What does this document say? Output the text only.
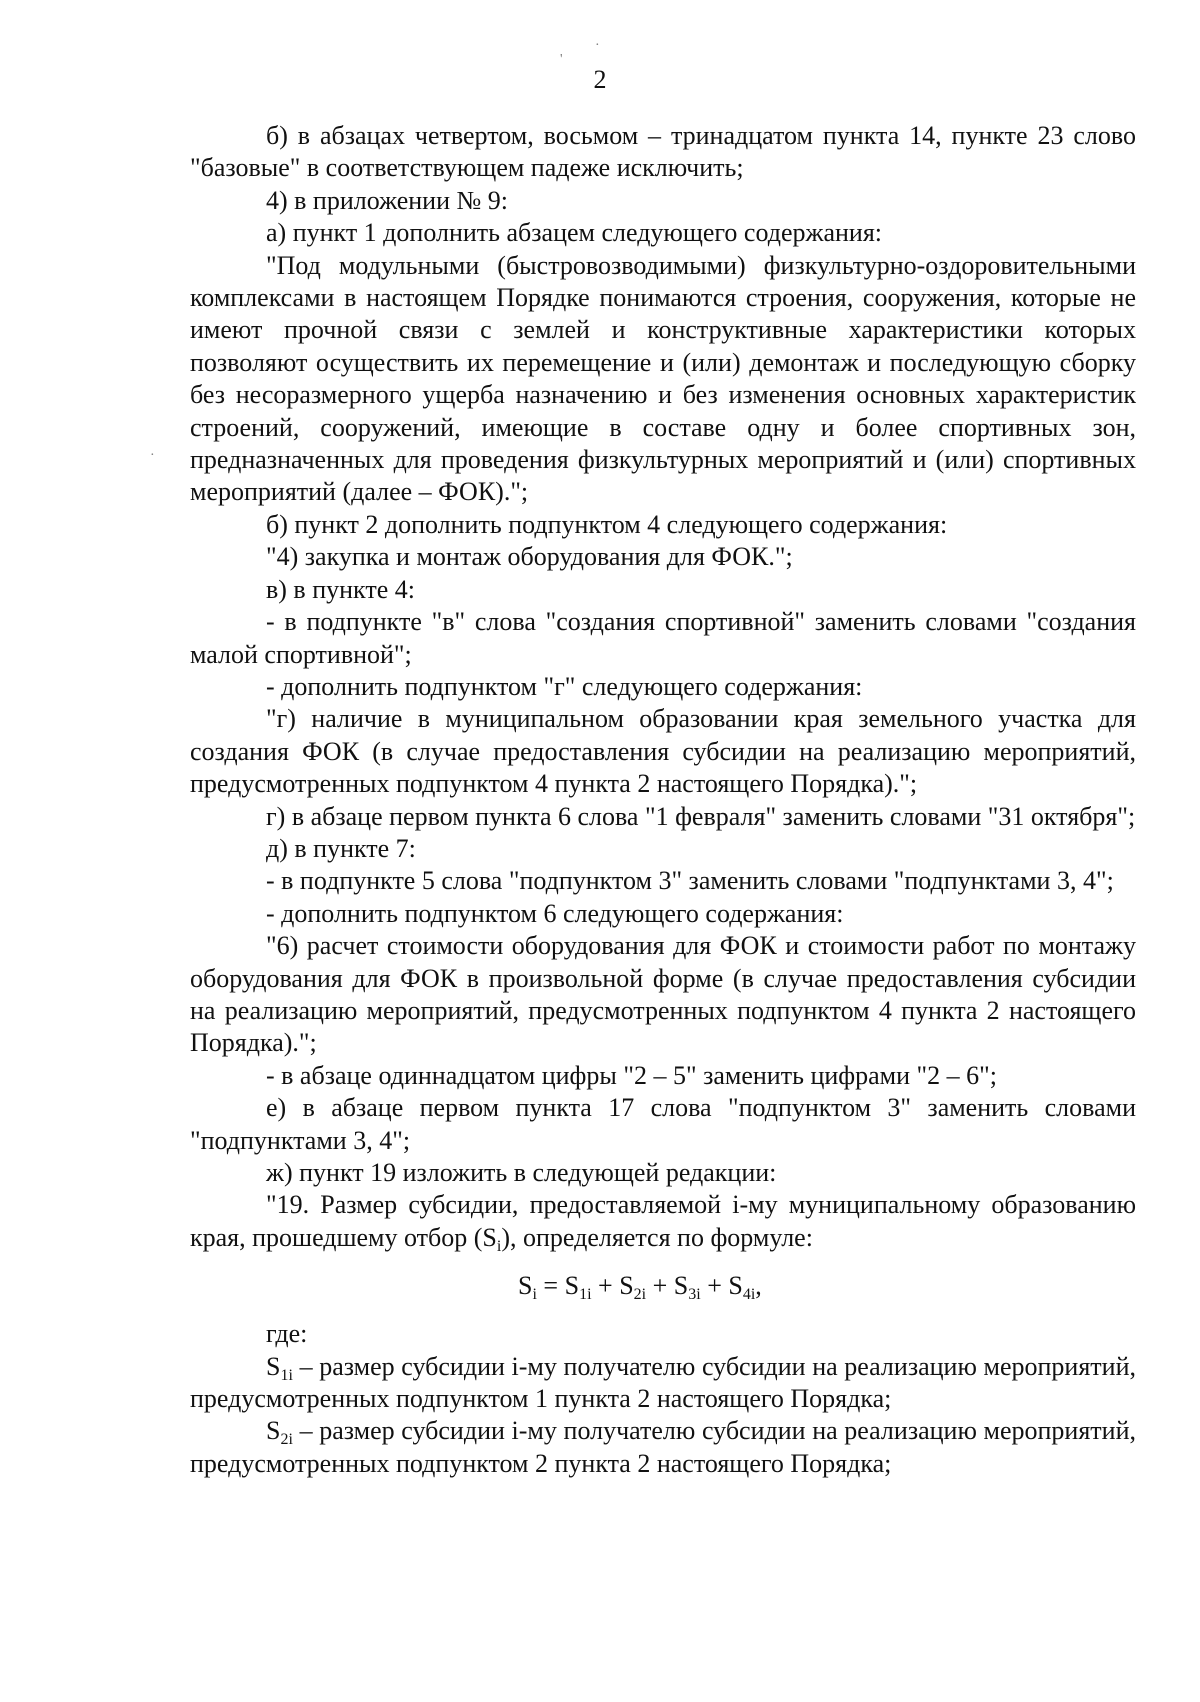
·
'
·
2

б) в абзацах четвертом, восьмом – тринадцатом пункта 14, пункте 23 слово "базовые" в соответствующем падеже исключить;

4) в приложении № 9:

а) пункт 1 дополнить абзацем следующего содержания:

"Под модульными (быстровозводимыми) физкультурно-оздоровительными комплексами в настоящем Порядке понимаются строения, сооружения, которые не имеют прочной связи с землей и конструктивные характеристики которых позволяют осуществить их перемещение и (или) демонтаж и последующую сборку без несоразмерного ущерба назначению и без изменения основных характеристик строений, сооружений, имеющие в составе одну и более спортивных зон, предназначенных для проведения физкультурных мероприятий и (или) спортивных мероприятий (далее – ФОК).";

б) пункт 2 дополнить подпунктом 4 следующего содержания:

"4) закупка и монтаж оборудования для ФОК.";

в) в пункте 4:

- в подпункте "в" слова "создания спортивной" заменить словами "создания малой спортивной";

- дополнить подпунктом "г" следующего содержания:

"г) наличие в муниципальном образовании края земельного участка для создания ФОК (в случае предоставления субсидии на реализацию мероприятий, предусмотренных подпунктом 4 пункта 2 настоящего Порядка).";

г) в абзаце первом пункта 6 слова "1 февраля" заменить словами "31 октября";

д) в пункте 7:

- в подпункте 5 слова "подпунктом 3" заменить словами "подпунктами 3, 4";

- дополнить подпунктом 6 следующего содержания:

"6) расчет стоимости оборудования для ФОК и стоимости работ по монтажу оборудования для ФОК в произвольной форме (в случае предоставления субсидии на реализацию мероприятий, предусмотренных подпунктом 4 пункта 2 настоящего Порядка).";

- в абзаце одиннадцатом цифры "2 – 5" заменить цифрами "2 – 6";

е) в абзаце первом пункта 17 слова "подпунктом 3" заменить словами "подпунктами 3, 4";

ж) пункт 19 изложить в следующей редакции:

"19. Размер субсидии, предоставляемой i-му муниципальному образованию края, прошедшему отбор $(S_i)$, определяется по формуле:

$S_i = S_{1i} + S_{2i} + S_{3i} + S_{4i}$,

где:

$S_{1i}$ – размер субсидии i-му получателю субсидии на реализацию мероприятий, предусмотренных подпунктом 1 пункта 2 настоящего Порядка;

$S_{2i}$ – размер субсидии i-му получателю субсидии на реализацию мероприятий, предусмотренных подпунктом 2 пункта 2 настоящего Порядка;
